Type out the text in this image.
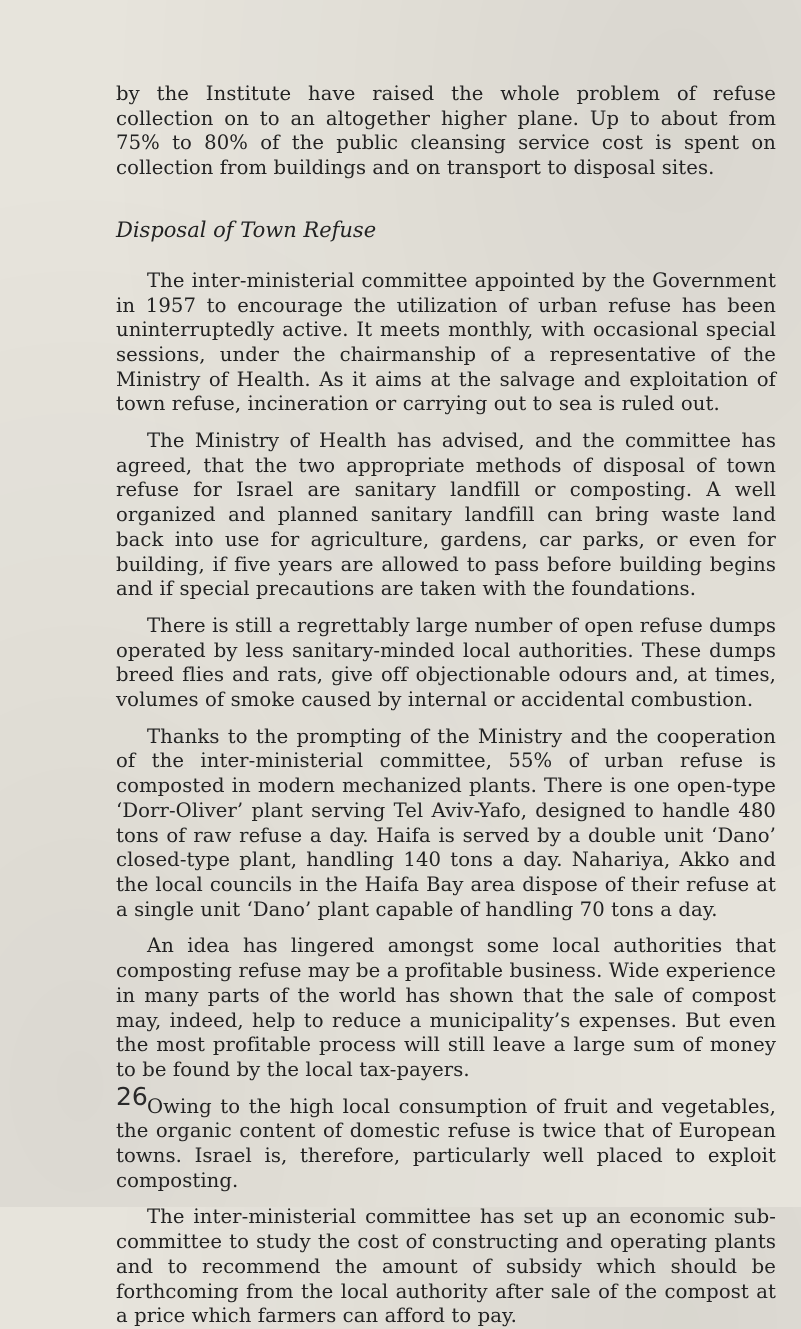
by the Institute have raised the whole problem of refuse collection on to an altogether higher plane. Up to about from 75% to 80% of the public cleansing service cost is spent on collection from buildings and on transport to disposal sites.

Disposal of Town Refuse

The inter-ministerial committee appointed by the Government in 1957 to encourage the utilization of urban refuse has been uninterruptedly active. It meets monthly, with occasional special sessions, under the chairmanship of a representative of the Ministry of Health. As it aims at the salvage and exploitation of town refuse, incineration or carrying out to sea is ruled out.

The Ministry of Health has advised, and the committee has agreed, that the two appropriate methods of disposal of town refuse for Israel are sanitary landfill or composting. A well organized and planned sanitary landfill can bring waste land back into use for agriculture, gardens, car parks, or even for building, if five years are allowed to pass before building begins and if special precautions are taken with the foundations.

There is still a regrettably large number of open refuse dumps operated by less sanitary-minded local authorities. These dumps breed flies and rats, give off objectionable odours and, at times, volumes of smoke caused by internal or accidental combustion.

Thanks to the prompting of the Ministry and the cooperation of the inter-ministerial committee, 55% of urban refuse is composted in modern mechanized plants. There is one open-type ‘Dorr-Oliver’ plant serving Tel Aviv-Yafo, designed to handle 480 tons of raw refuse a day. Haifa is served by a double unit ‘Dano’ closed-type plant, handling 140 tons a day. Nahariya, Akko and the local councils in the Haifa Bay area dispose of their refuse at a single unit ‘Dano’ plant capable of handling 70 tons a day.

An idea has lingered amongst some local authorities that composting refuse may be a profitable business. Wide experience in many parts of the world has shown that the sale of compost may, indeed, help to reduce a municipality’s expenses. But even the most profitable process will still leave a large sum of money to be found by the local tax-payers.

Owing to the high local consumption of fruit and vegetables, the organic content of domestic refuse is twice that of European towns. Israel is, therefore, particularly well placed to exploit composting.

The inter-ministerial committee has set up an economic sub-committee to study the cost of constructing and operating plants and to recommend the amount of subsidy which should be forthcoming from the local authority after sale of the compost at a price which farmers can afford to pay.

26
